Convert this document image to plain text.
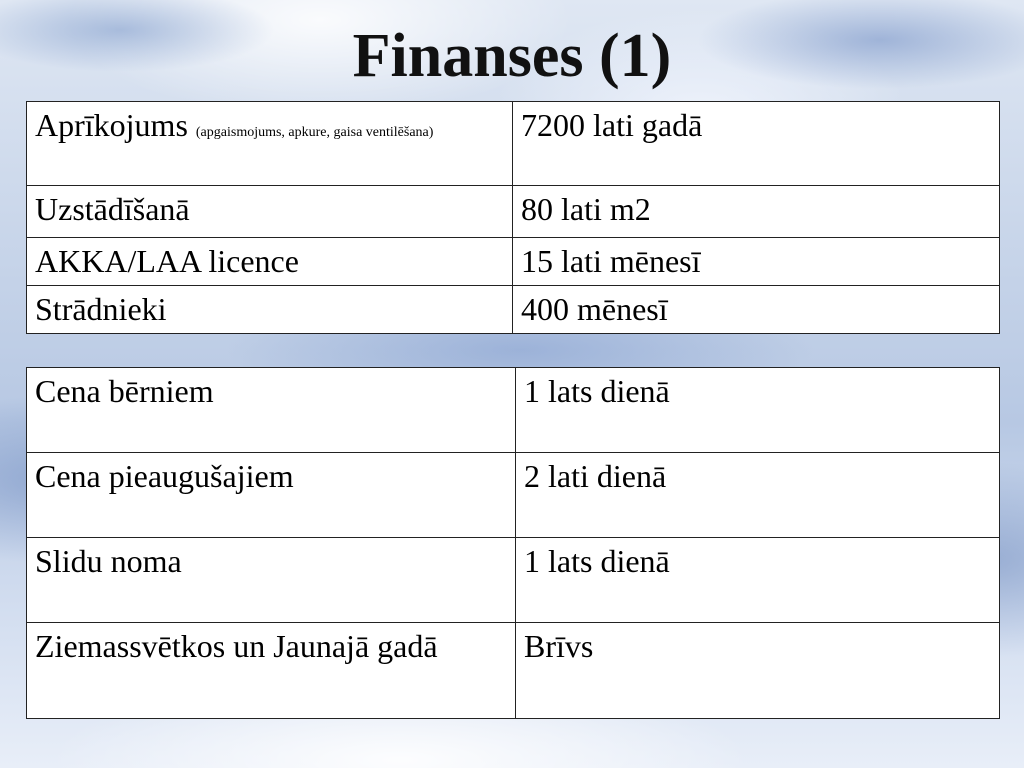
Finanses (1)
Aprīkojums (apgaismojums, apkure, gaisa ventilēšana)	7200 lati gadā
Uzstādīšanā	80 lati m2
AKKA/LAA licence	15 lati mēnesī
Strādnieki	400 mēnesī
Cena bērniem	1 lats dienā
Cena pieaugušajiem	2 lati dienā
Slidu noma	1 lats dienā
Ziemassvētkos un Jaunajā gadā	Brīvs
